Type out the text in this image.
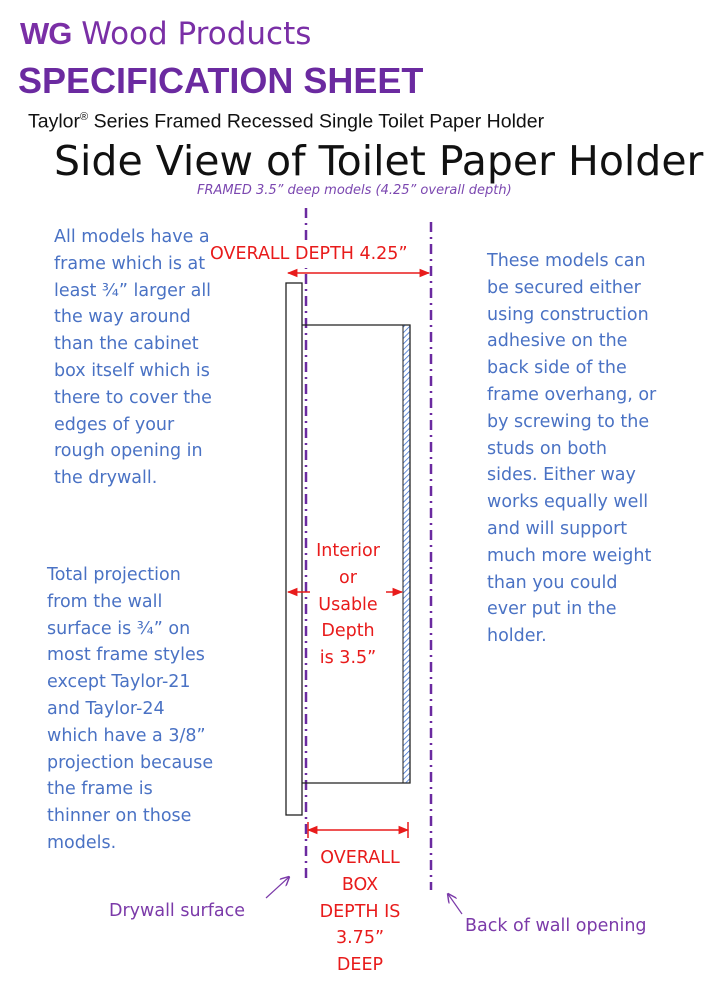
WG Wood Products
SPECIFICATION SHEET
Taylor® Series Framed Recessed Single Toilet Paper Holder
Side View of Toilet Paper Holder
FRAMED 3.5” deep models (4.25” overall depth)

All models have a frame which is at least ¾” larger all the way around than the cabinet box itself which is there to cover the edges of your rough opening in the drywall.

Total projection from the wall surface is ¾” on most frame styles except Taylor-21 and Taylor-24 which have a 3/8” projection because the frame is thinner on those models.

These models can be secured either using construction adhesive on the back side of the frame overhang, or by screwing to the studs on both sides. Either way works equally well and will support much more weight than you could ever put in the holder.

OVERALL DEPTH 4.25”
Interior
or
Usable
Depth
is 3.5”
OVERALL
BOX
DEPTH IS
3.75”
DEEP
Drywall surface
Back of wall opening
